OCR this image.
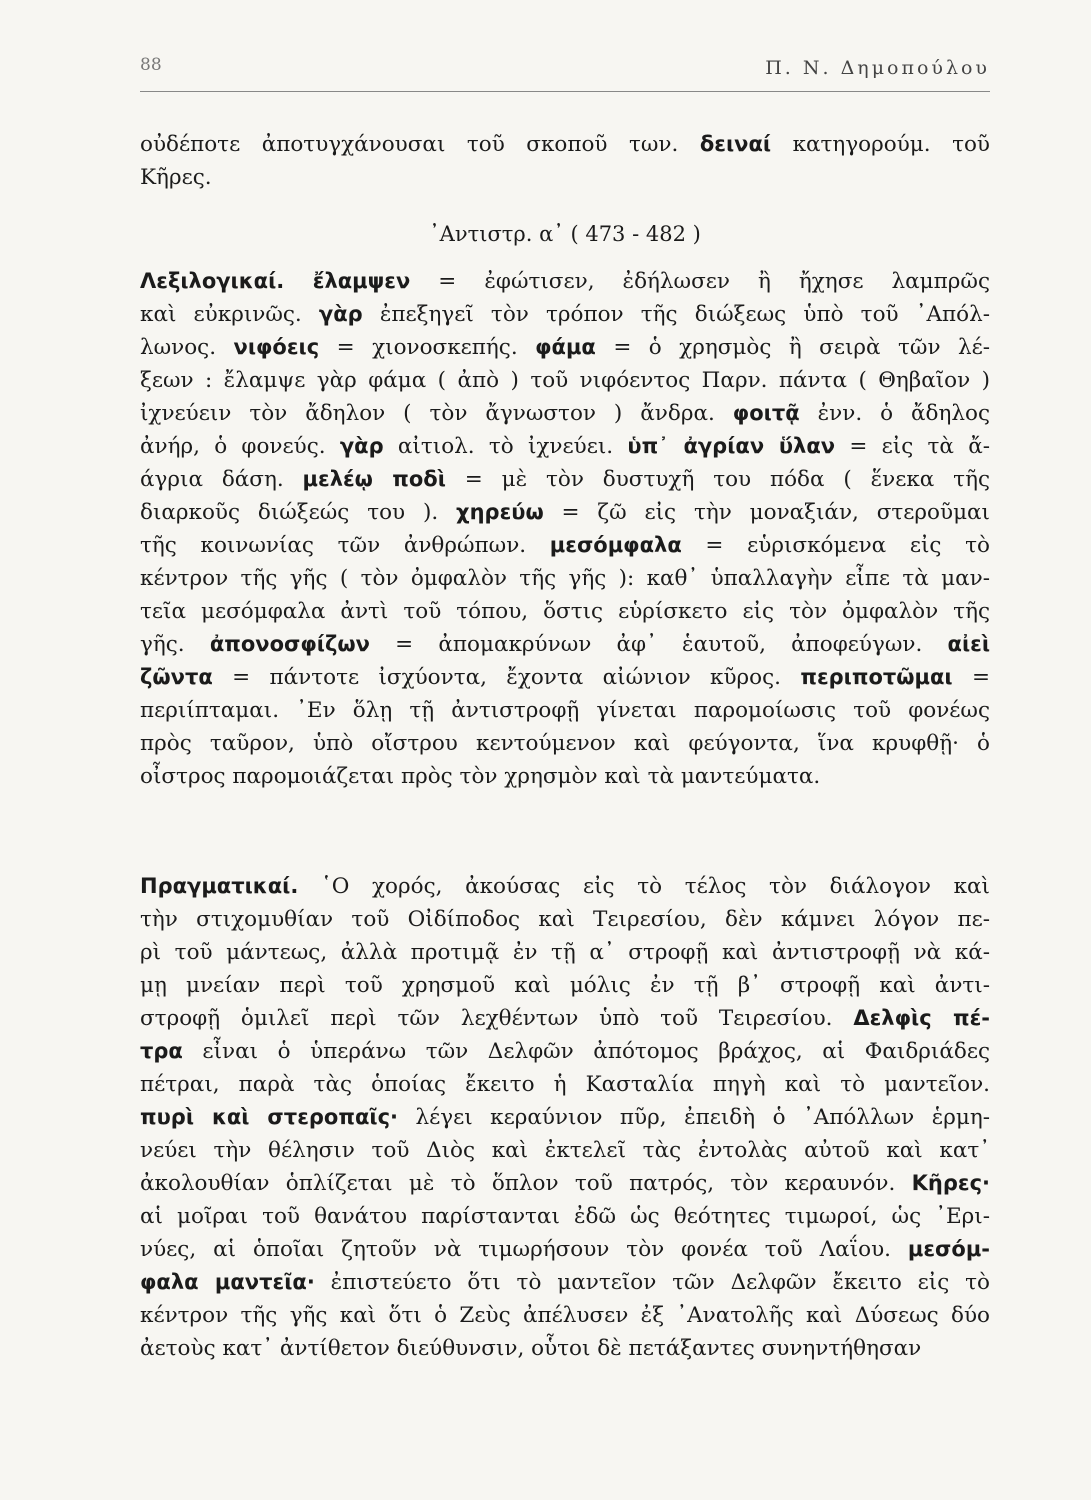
88	Π. Ν. Δημοπούλου
οὐδέποτε ἀποτυγχάνουσαι τοῦ σκοποῦ των. δειναί κατηγορούμ. τοῦ
Κῆρες.
᾽Αντιστρ. α᾽ ( 473 - 482 )
Λεξιλογικαί. ἔλαμψεν = ἐφώτισεν, ἐδήλωσεν ἢ ἤχησε λαμπρῶς
καὶ εὐκρινῶς. γὰρ ἐπεξηγεῖ τὸν τρόπον τῆς διώξεως ὑπὸ τοῦ ᾽Απόλ-
λωνος. νιφόεις = χιονοσκεπής. φάμα = ὁ χρησμὸς ἢ σειρὰ τῶν λέ-
ξεων : ἔλαμψε γὰρ φάμα ( ἀπὸ ) τοῦ νιφόεντος Παρν. πάντα ( Θηβαῖον )
ἰχνεύειν τὸν ἄδηλον ( τὸν ἄγνωστον ) ἄνδρα. φοιτᾷ ἐνν. ὁ ἄδηλος
ἀνήρ, ὁ φονεύς. γὰρ αἰτιολ. τὸ ἰχνεύει. ὑπ᾽ ἀγρίαν ὕλαν = εἰς τὰ ἄ-
άγρια δάση. μελέῳ ποδὶ = μὲ τὸν δυστυχῆ του πόδα ( ἕνεκα τῆς
διαρκοῦς διώξεώς του ). χηρεύω = ζῶ εἰς τὴν μοναξιάν, στεροῦμαι
τῆς κοινωνίας τῶν ἀνθρώπων. μεσόμφαλα = εὑρισκόμενα εἰς τὸ
κέντρον τῆς γῆς ( τὸν ὀμφαλὸν τῆς γῆς ): καθ᾽ ὑπαλλαγὴν εἶπε τὰ μαν-
τεῖα μεσόμφαλα ἀντὶ τοῦ τόπου, ὅστις εὑρίσκετο εἰς τὸν ὀμφαλὸν τῆς
γῆς. ἀπονοσφίζων = ἀπομακρύνων ἀφ᾽ ἑαυτοῦ, ἀποφεύγων. αἰεὶ
ζῶντα = πάντοτε ἰσχύοντα, ἔχοντα αἰώνιον κῦρος. περιποτῶμαι =
περιίπταμαι. ᾽Εν ὅλῃ τῇ ἀντιστροφῇ γίνεται παρομοίωσις τοῦ φονέως
πρὸς ταῦρον, ὑπὸ οἴστρου κεντούμενον καὶ φεύγοντα, ἵνα κρυφθῇ· ὁ
οἶστρος παρομοιάζεται πρὸς τὸν χρησμὸν καὶ τὰ μαντεύματα.
Πραγματικαί. ῾Ο χορός, ἀκούσας εἰς τὸ τέλος τὸν διάλογον καὶ
τὴν στιχομυθίαν τοῦ Οἰδίποδος καὶ Τειρεσίου, δὲν κάμνει λόγον πε-
ρὶ τοῦ μάντεως, ἀλλὰ προτιμᾷ ἐν τῇ α᾽ στροφῇ καὶ ἀντιστροφῇ νὰ κά-
μῃ μνείαν περὶ τοῦ χρησμοῦ καὶ μόλις ἐν τῇ β᾽ στροφῇ καὶ ἀντι-
στροφῇ ὁμιλεῖ περὶ τῶν λεχθέντων ὑπὸ τοῦ Τειρεσίου. Δελφὶς πέ-
τρα εἶναι ὁ ὑπεράνω τῶν Δελφῶν ἀπότομος βράχος, αἱ Φαιδριάδες
πέτραι, παρὰ τὰς ὁποίας ἔκειτο ἡ Κασταλία πηγὴ καὶ τὸ μαντεῖον.
πυρὶ καὶ στεροπαῖς· λέγει κεραύνιον πῦρ, ἐπειδὴ ὁ ᾽Απόλλων ἑρμη-
νεύει τὴν θέλησιν τοῦ Διὸς καὶ ἐκτελεῖ τὰς ἐντολὰς αὐτοῦ καὶ κατ᾽
ἀκολουθίαν ὁπλίζεται μὲ τὸ ὅπλον τοῦ πατρός, τὸν κεραυνόν. Κῆρες·
αἱ μοῖραι τοῦ θανάτου παρίστανται ἐδῶ ὡς θεότητες τιμωροί, ὡς ᾽Ερι-
νύες, αἱ ὁποῖαι ζητοῦν νὰ τιμωρήσουν τὸν φονέα τοῦ Λαΐου. μεσόμ-
φαλα μαντεῖα· ἐπιστεύετο ὅτι τὸ μαντεῖον τῶν Δελφῶν ἔκειτο εἰς τὸ
κέντρον τῆς γῆς καὶ ὅτι ὁ Ζεὺς ἀπέλυσεν ἐξ ᾽Ανατολῆς καὶ Δύσεως δύο
ἀετοὺς κατ᾽ ἀντίθετον διεύθυνσιν, οὗτοι δὲ πετάξαντες συνηντήθησαν
